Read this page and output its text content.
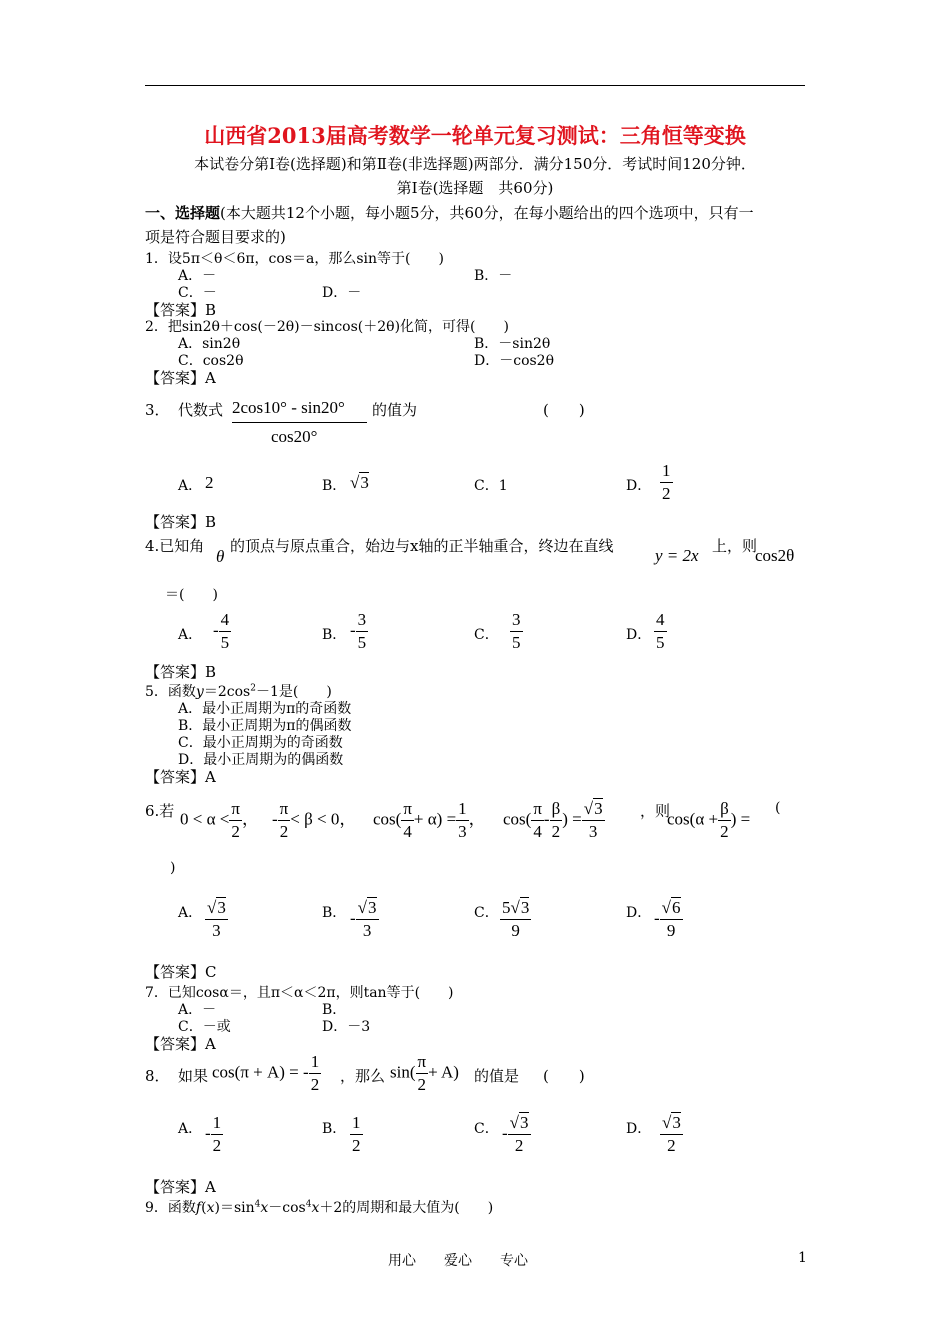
山西省2013届高考数学一轮单元复习测试：三角恒等变换
本试卷分第Ⅰ卷(选择题)和第Ⅱ卷(非选择题)两部分．满分150分．考试时间120分钟．
第Ⅰ卷(选择题　共60分)
一、选择题(本大题共12个小题，每小题5分，共60分，在每小题给出的四个选项中，只有一
项是符合题目要求的)
1．设5π＜θ＜6π，cos＝a，那么sin等于(　　)
A．－	B．－
C．－	D．－
【答案】B
2．把sin2θ＋cos(－2θ)－sincos(＋2θ)化简，可得(　　)
A．sin2θ	B．－sin2θ
C．cos2θ	D．－cos2θ
【答案】A
3． 代数式 2cos10° - sin20°
cos20°
的值为	(　　)
A． 2	B． √3	C．1	D． $\frac{1}{2}$
【答案】B
4.已知角
θ
的顶点与原点重合，始边与x轴的正半轴重合，终边在直线 y = 2x 上，则
cos2θ
＝(　　)
A． - $\frac{4}{5}$	B． - $\frac{3}{5}$	C． $\frac{3}{5}$	D． $\frac{4}{5}$
【答案】B
5．函数$y=2\cos^2-1$是(　　)
A．最小正周期为π的奇函数
B．最小正周期为π的偶函数
C．最小正周期为的奇函数
D．最小正周期为的偶函数
【答案】A
6.若 $0 < \alpha < \frac{\pi}{2}$ ， - $\frac{\pi}{2} < \beta < 0$， $\cos( \frac{\pi}{4} + \alpha) = \frac{1}{3}$ ， $\cos( \frac{\pi}{4} - \frac{\beta}{2}$ ) = $\frac{√3}{3}$ ，则
$\cos(\alpha + \frac{\beta}{2}$ ) =
(
)
A． $\frac{√3}{3}$	B． - $\frac{√3}{3}$	C． $\frac{5√3}{9}$	D． - $\frac{√6}{9}$
【答案】C
7．已知cosα＝，且π＜α＜2π，则tan等于(　　)
A．－	B．
C．－或	D．－3
【答案】A
8． 如果 cos(π + A) = - $\frac{1}{2}$ ，那么 $\sin( \frac{\pi}{2} + A)$ 的值是 (　　)
A． - $\frac{1}{2}$	B． $\frac{1}{2}$	C． - $\frac{√3}{2}$	D． $\frac{√3}{2}$
【答案】A
9．函数$f(x)=\sin^4x-\cos^4x+2$的周期和最大值为(　　)
用心　　爱心　　专心	1
